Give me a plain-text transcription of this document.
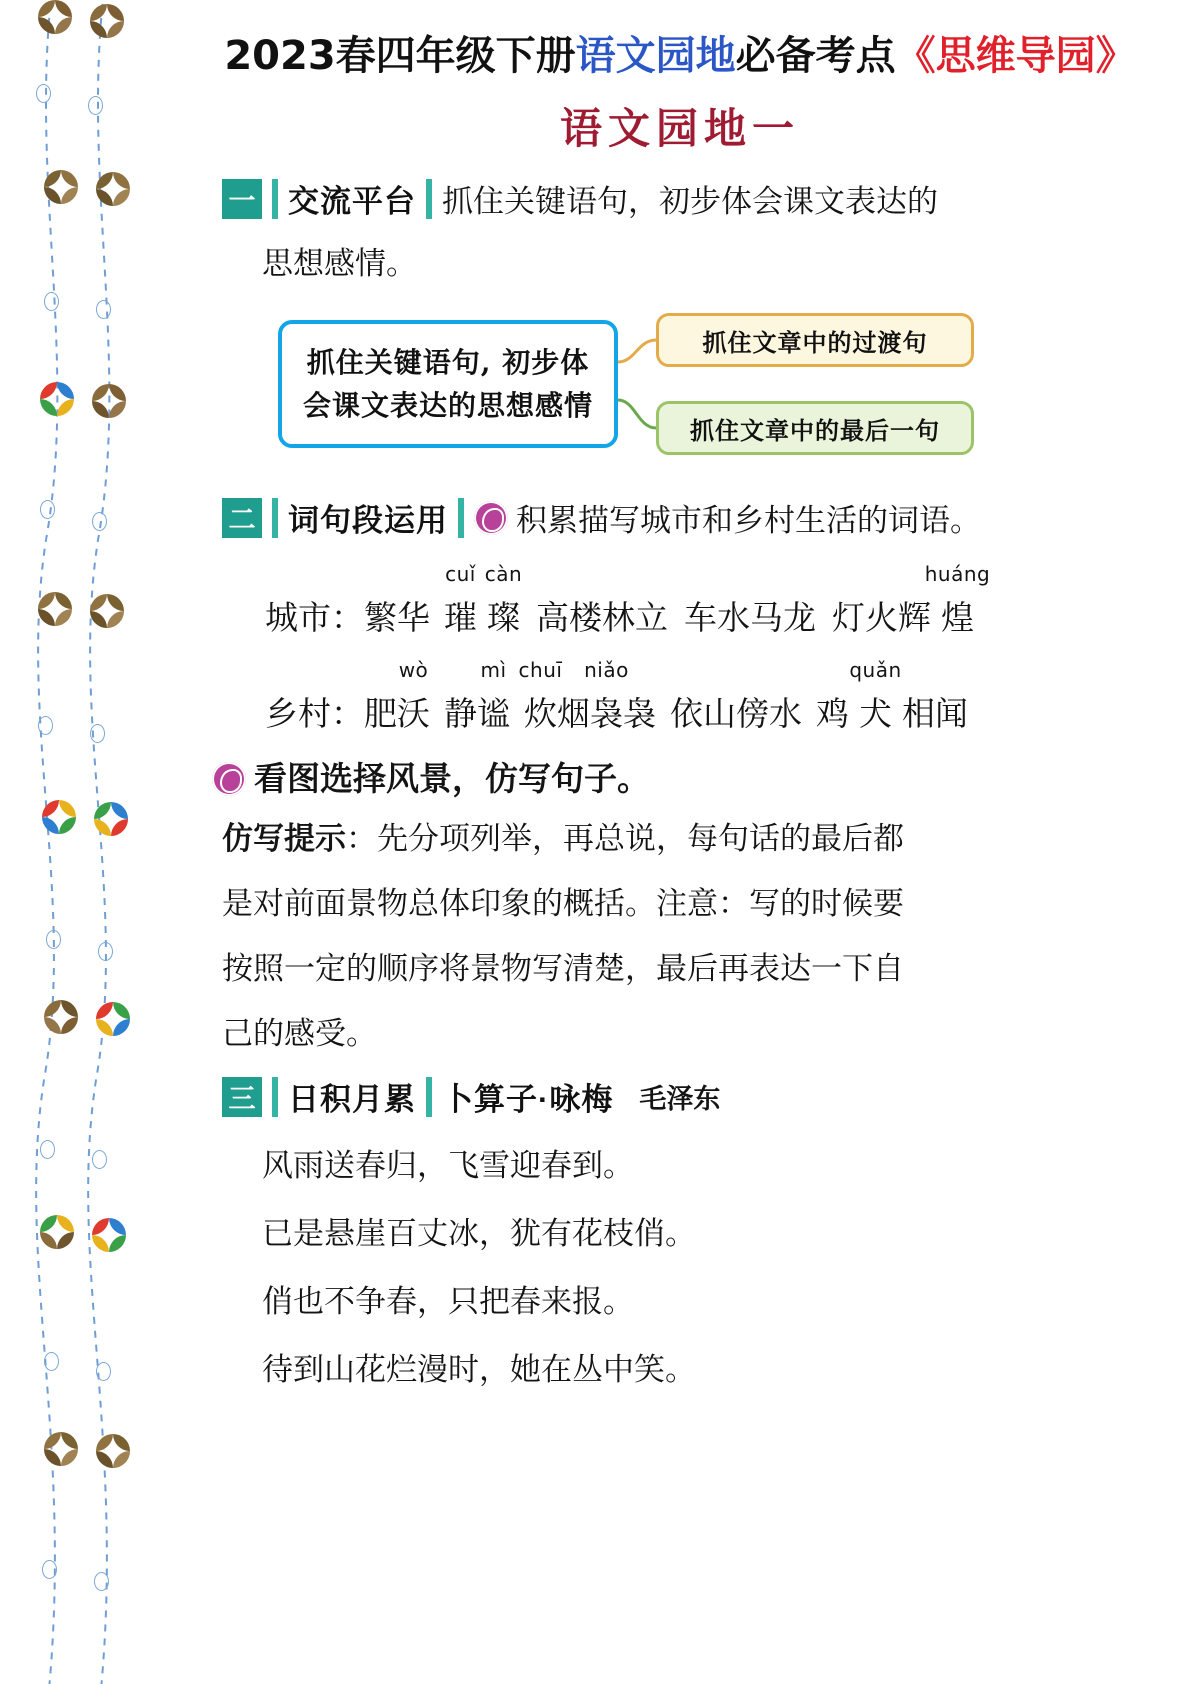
2023春四年级下册语文园地必备考点《思维导园》
语文园地一
一 交流平台 抓住关键语句，初步体会课文表达的
思想感情。
抓住关键语句, 初步体
会课文表达的思想感情
抓住文章中的过渡句
抓住文章中的最后一句
二 词句段运用 积累描写城市和乡村生活的词语。
城市：
繁华
cuǐ
璀
càn
璨 高楼林立 车水马龙 灯火辉
huáng
煌
乡村：
肥
wò
沃 静
mì
谧
chuī
炊
烟
niǎo
袅
袅 依山傍水 鸡
quǎn
犬 相闻
看图选择风景，仿写句子。
仿写提示：先分项列举，再总说，每句话的最后都
是对前面景物总体印象的概括。注意：写的时候要
按照一定的顺序将景物写清楚，最后再表达一下自
己的感受。
三 日积月累 卜算子·咏梅 毛泽东
风雨送春归，飞雪迎春到。
已是悬崖百丈冰，犹有花枝俏。
俏也不争春，只把春来报。
待到山花烂漫时，她在丛中笑。
